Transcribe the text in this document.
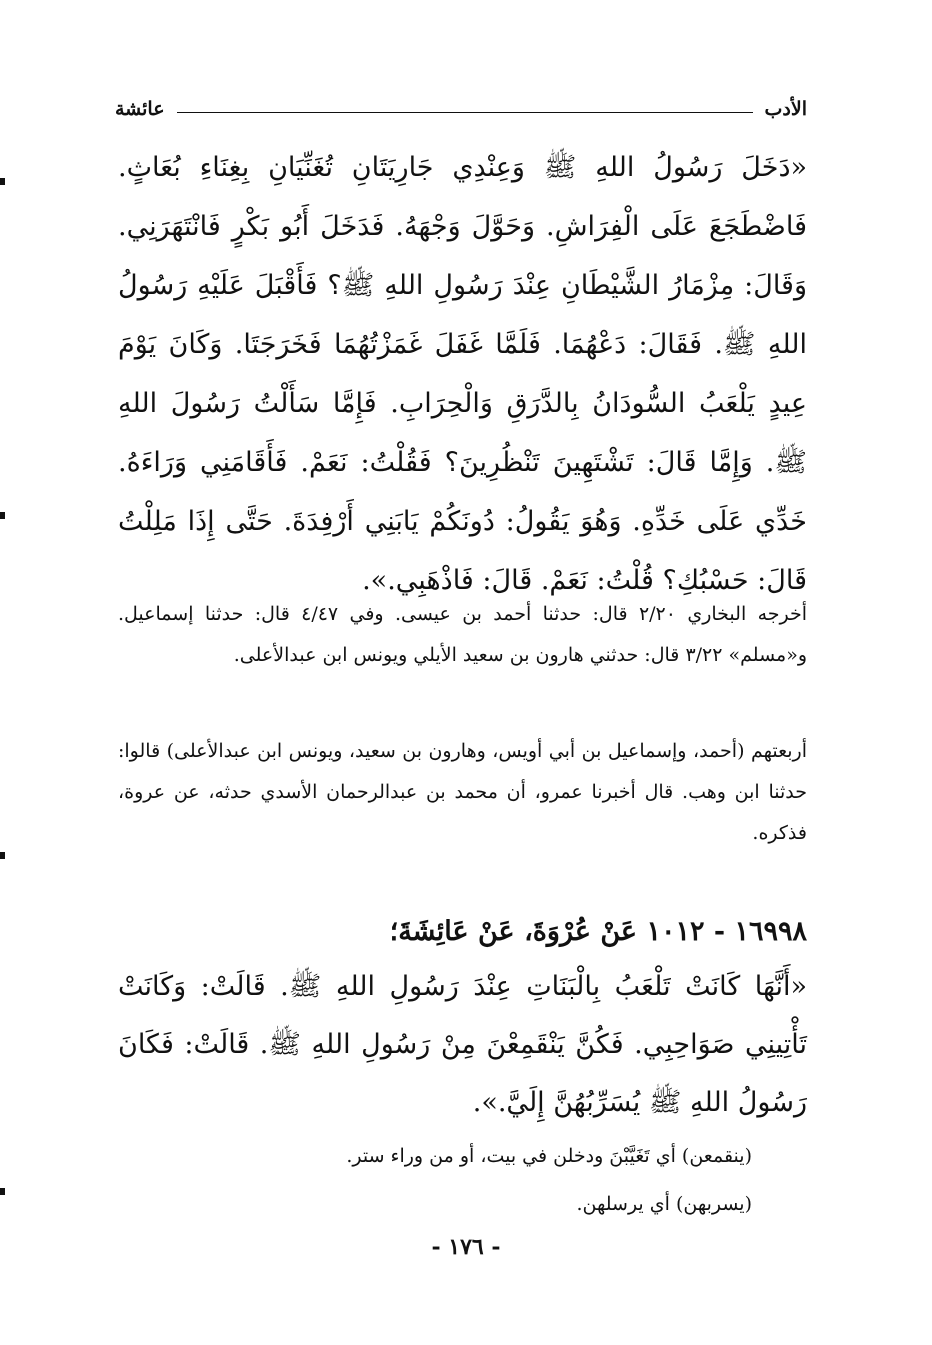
الأدب
عائشة
«دَخَلَ رَسُولُ اللهِ ﷺ وَعِنْدِي جَارِيَتَانِ تُغَنِّيَانِ بِغِنَاءِ بُعَاثٍ. فَاضْطَجَعَ عَلَى الْفِرَاشِ. وَحَوَّلَ وَجْهَهُ. فَدَخَلَ أَبُو بَكْرٍ فَانْتَهَرَنِي. وَقَالَ: مِزْمَارُ الشَّيْطَانِ عِنْدَ رَسُولِ اللهِ ﷺ؟ فَأَقْبَلَ عَلَيْهِ رَسُولُ اللهِ ﷺ. فَقَالَ: دَعْهُمَا. فَلَمَّا غَفَلَ غَمَزْتُهُمَا فَخَرَجَتَا. وَكَانَ يَوْمَ عِيدٍ يَلْعَبُ السُّودَانُ بِالدَّرَقِ وَالْحِرَابِ. فَإِمَّا سَأَلْتُ رَسُولَ اللهِ ﷺ. وَإِمَّا قَالَ: تَشْتَهِينَ تَنْظُرِينَ؟ فَقُلْتُ: نَعَمْ. فَأَقَامَنِي وَرَاءَهُ. خَدِّي عَلَى خَدِّهِ. وَهُوَ يَقُولُ: دُونَكُمْ يَابَنِي أَرْفِدَةَ. حَتَّى إِذَا مَلِلْتُ قَالَ: حَسْبُكِ؟ قُلْتُ: نَعَمْ. قَالَ: فَاذْهَبِي.».
أخرجه البخاري ٢/٢٠ قال: حدثنا أحمد بن عيسى. وفي ٤/٤٧ قال: حدثنا إسماعيل. و«مسلم» ٣/٢٢ قال: حدثني هارون بن سعيد الأيلي ويونس ابن عبدالأعلى.
أربعتهم (أحمد، وإسماعيل بن أبي أويس، وهارون بن سعيد، ويونس ابن عبدالأعلى) قالوا: حدثنا ابن وهب. قال أخبرنا عمرو، أن محمد بن عبدالرحمان الأسدي حدثه، عن عروة، فذكره.
١٦٩٩٨ - ١٠١٢ عَنْ عُرْوَةَ، عَنْ عَائِشَةَ؛
«أَنَّهَا كَانَتْ تَلْعَبُ بِالْبَنَاتِ عِنْدَ رَسُولِ اللهِ ﷺ. قَالَتْ: وَكَانَتْ تَأْتِينِي صَوَاحِبِي. فَكُنَّ يَنْقَمِعْنَ مِنْ رَسُولِ اللهِ ﷺ. قَالَتْ: فَكَانَ رَسُولُ اللهِ ﷺ يُسَرِّبُهُنَّ إِلَيَّ.».
(ينقمعن) أي تَغَيَّبْنَ ودخلن في بيت، أو من وراء ستر.
(يسربهن) أي يرسلهن.
- ١٧٦ -
